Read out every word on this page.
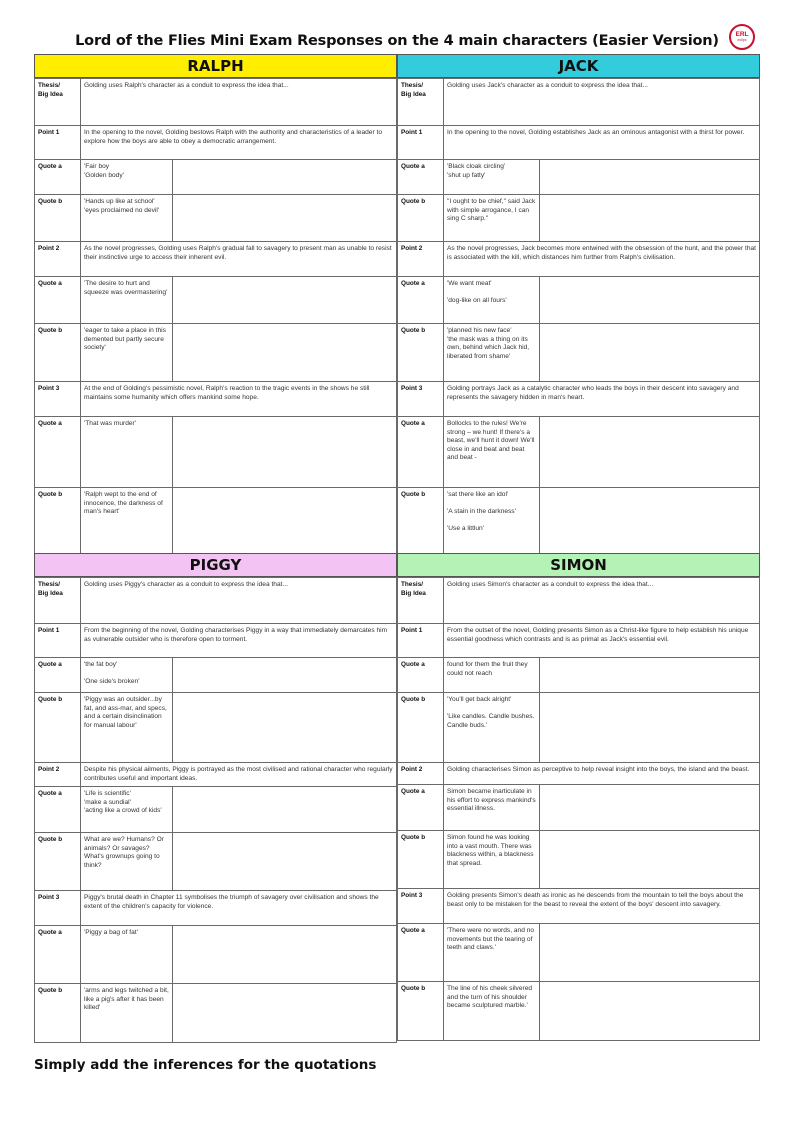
Lord of the Flies Mini Exam Responses on the 4 main characters (Easier Version)	ERL
eclips
RALPH
Thesis/
Big Idea	Golding uses Ralph's character as a conduit to express the idea that...	
Point 1	In the opening to the novel, Golding bestows Ralph with the authority and characteristics of a leader to explore how the boys are able to obey a democratic arrangement.	
Quote a	'Fair boy
'Golden body'	
Quote b	'Hands up like at school'
'eyes proclaimed no devil'	
Point 2	As the novel progresses, Golding uses Ralph's gradual fall to savagery to present man as unable to resist their instinctive urge to access their inherent evil.	
Quote a	'The desire to hurt and squeeze was overmastering'	
Quote b	'eager to take a place in this demented but partly secure society'	
Point 3	At the end of Golding's pessimistic novel, Ralph's reaction to the tragic events in the shows he still maintains some humanity which offers mankind some hope.	
Quote a	'That was murder'	
Quote b	'Ralph wept to the end of innocence, the darkness of man's heart'	
JACK
Thesis/
Big Idea	Golding uses Jack's character as a conduit to express the idea that...	
Point 1	In the opening to the novel, Golding establishes Jack as an ominous antagonist with a thirst for power.	
Quote a	'Black cloak circling'
'shut up fatty'	
Quote b	"I ought to be chief," said Jack with simple arrogance, I can sing C sharp."	
Point 2	As the novel progresses, Jack becomes more entwined with the obsession of the hunt, and the power that is associated with the kill, which distances him further from Ralph's civilisation.	
Quote a	'We want meat'

'dog-like on all fours'	
Quote b	'planned his new face'
'the mask was a thing on its own, behind which Jack hid, liberated from shame'	
Point 3	Golding portrays Jack as a catalytic character who leads the boys in their descent into savagery and represents the savagery hidden in man's heart.	
Quote a	Bollocks to the rules! We're strong – we hunt! If there's a beast, we'll hunt it down! We'll close in and beat and beat and beat -	
Quote b	'sat there like an idol'

'A stain in the darkness'

'Use a littlun'	
PIGGY
Thesis/
Big Idea	Golding uses Piggy's character as a conduit to express the idea that...	
Point 1	From the beginning of the novel, Golding characterises Piggy in a way that immediately demarcates him as vulnerable outsider who is therefore open to torment.	
Quote a	'the fat boy'

'One side's broken'	
Quote b	'Piggy was an outsider...by fat, and ass-mar, and specs, and a certain disinclination for manual labour'	
Point 2	Despite his physical ailments, Piggy is portrayed as the most civilised and rational character who regularly contributes useful and important ideas.	
Quote a	'Life is scientific'
'make a sundial'
'acting like a crowd of kids'	
Quote b	What are we? Humans? Or animals? Or savages? What's grownups going to think?	
Point 3	Piggy's brutal death in Chapter 11 symbolises the triumph of savagery over civilisation and shows the extent of the children's capacity for violence.	
Quote a	'Piggy a bag of fat'	
Quote b	'arms and legs twitched a bit, like a pig's after it has been killed'	
SIMON
Thesis/
Big Idea	Golding uses Simon's character as a conduit to express the idea that...	
Point 1	From the outset of the novel, Golding presents Simon as a Christ-like figure to help establish his unique essential goodness which contrasts and is as primal as Jack's essential evil.	
Quote a	found for them the fruit they could not reach	
Quote b	'You'll get back alright'

'Like candles. Candle bushes. Candle buds.'	
Point 2	Golding characterises Simon as perceptive to help reveal insight into the boys, the island and the beast.	
Quote a	Simon became inarticulate in his effort to express mankind's essential illness.	
Quote b	Simon found he was looking into a vast mouth. There was blackness within, a blackness that spread.	
Point 3	Golding presents Simon's death as ironic as he descends from the mountain to tell the boys about the beast only to be mistaken for the beast to reveal the extent of the boys' descent into savagery.	
Quote a	'There were no words, and no movements but the tearing of teeth and claws.'	
Quote b	The line of his cheek silvered and the turn of his shoulder became sculptured marble.'	
Simply add the inferences for the quotations
